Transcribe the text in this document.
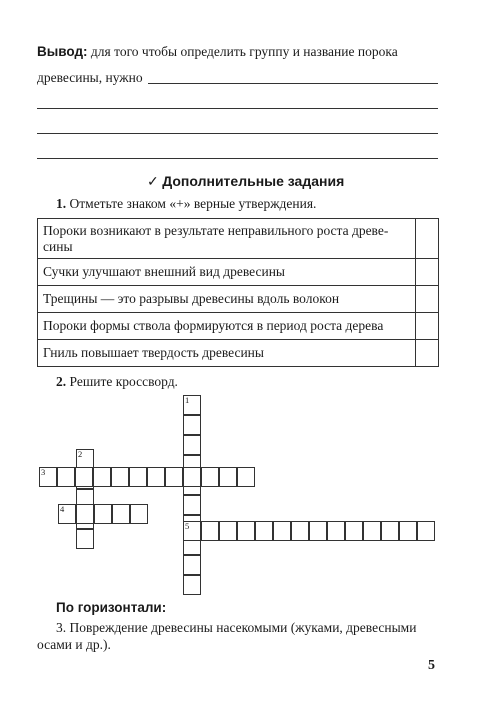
Вывод: для того чтобы определить группу и название порока
древесины, нужно
✓ Дополнительные задания
1. Отметьте знаком «+» верные утверждения.
Пороки возникают в результате неправильного роста древе-
сины	
Сучки улучшают внешний вид древесины	
Трещины — это разрывы древесины вдоль волокон	
Пороки формы ствола формируются в период роста дерева	
Гниль повышает твердость древесины	
2. Решите кроссворд.
1
2
3
4
5
По горизонтали:
3. Повреждение древесины насекомыми (жуками, древесными
осами и др.).
5
